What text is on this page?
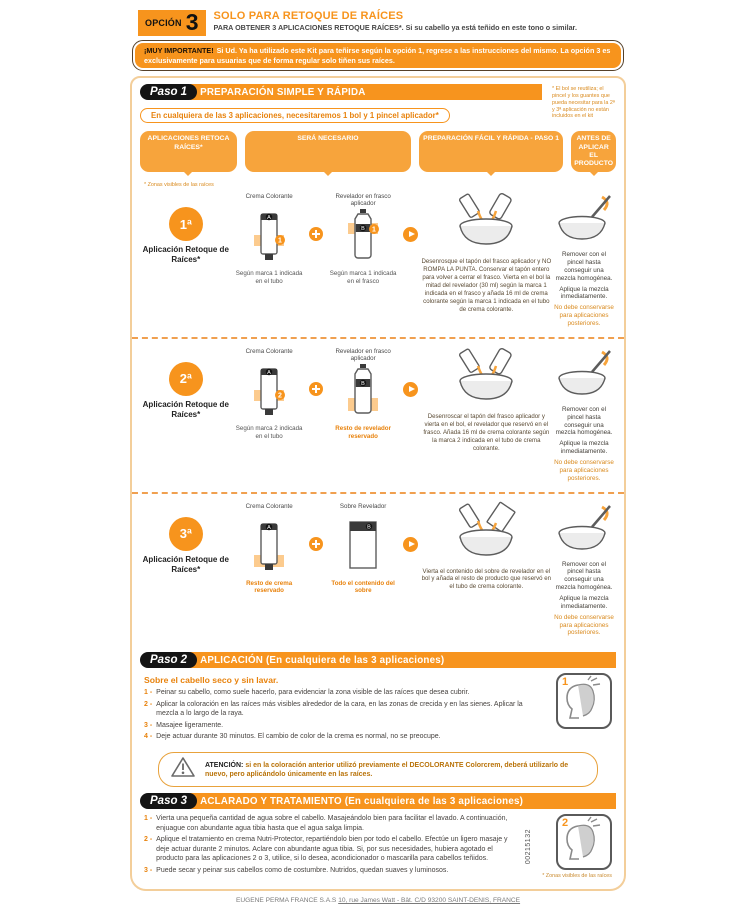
OPCIÓN 3 SOLO PARA RETOQUE DE RAÍCES
PARA OBTENER 3 APLICACIONES RETOQUE RAÍCES*. Si su cabello ya está teñido en este tono o similar.
¡MUY IMPORTANTE! Si Ud. Ya ha utilizado este Kit para teñirse según la opción 1, regrese a las instrucciones del mismo. La opción 3 es exclusivamente para usuarias que de forma regular solo tiñen sus raíces.
Paso 1	PREPARACIÓN SIMPLE Y RÁPIDA
En cualquiera de las 3 aplicaciones, necesitaremos 1 bol y 1 pincel aplicador*
* El bol se reutiliza; el pincel y los guantes que pueda necesitar para la 2ª y 3ª aplicación no están incluidos en el kit
APLICACIONES RETOCA RAÍCES*
SERÁ NECESARIO	PREPARACIÓN FÁCIL Y RÁPIDA - PASO 1	ANTES DE APLICAR EL PRODUCTO
* Zonas visibles de las raíces
1ª
Aplicación Retoque de Raíces*
Crema Colorante
A
1
Según marca 1 indicada en el tubo
Revelador en frasco aplicador
B 1
Según marca 1 indicada en el frasco
Desenrosque el tapón del frasco aplicador y NO ROMPA LA PUNTA. Conservar el tapón entero para volver a cerrar el frasco. Vierta en el bol la mitad del revelador (30 ml) según la marca 1 indicada en el frasco y añada 16 ml de crema colorante según la marca 1 indicada en el tubo de crema colorante.
Remover con el pincel hasta conseguir una mezcla homogénea.
Aplique la mezcla inmediatamente.
No debe conservarse para aplicaciones posteriores.
2ª
Aplicación Retoque de Raíces*
Crema Colorante
A
2
Según marca 2 indicada en el tubo
Revelador en frasco aplicador
B
Resto de revelador reservado
Desenroscar el tapón del frasco aplicador y vierta en el bol, el revelador que reservó en el frasco. Añada 16 ml de crema colorante según la marca 2 indicada en el tubo de crema colorante.
Remover con el pincel hasta conseguir una mezcla homogénea.
Aplique la mezcla inmediatamente.
No debe conservarse para aplicaciones posteriores.
3ª
Aplicación Retoque de Raíces*
Crema Colorante
A
Resto de crema reservado
Sobre Revelador
B
Todo el contenido del sobre
Vierta el contenido del sobre de revelador en el bol y añada el resto de producto que reservó en el tubo de crema colorante.
Remover con el pincel hasta conseguir una mezcla homogénea.
Aplique la mezcla inmediatamente.
No debe conservarse para aplicaciones posteriores.
Paso 2	APLICACIÓN (En cualquiera de las 3 aplicaciones)
Sobre el cabello seco y sin lavar.
1 - Peinar su cabello, como suele hacerlo, para evidenciar la zona visible de las raíces que desea cubrir.
2 - Aplicar la coloración en las raíces más visibles alrededor de la cara, en las zonas de crecida y en las sienes. Aplicar la mezcla a lo largo de la raya.
3 - Masajee ligeramente.
4 - Deje actuar durante 30 minutos. El cambio de color de la crema es normal, no se preocupe.
1
ATENCIÓN: si en la coloración anterior utilizó previamente el DECOLORANTE Colorcrem, deberá utilizarlo de nuevo, pero aplicándolo únicamente en las raíces.
Paso 3	ACLARADO Y TRATAMIENTO (En cualquiera de las 3 aplicaciones)
1 - Vierta una pequeña cantidad de agua sobre el cabello. Masajeándolo bien para facilitar el lavado. A continuación, enjuague con abundante agua tibia hasta que el agua salga limpia.
2 - Aplique el tratamiento en crema Nutri-Protector, repartiéndolo bien por todo el cabello. Efectúe un ligero masaje y deje actuar durante 2 minutos. Aclare con abundante agua tibia. Si, por sus necesidades, hubiera agotado el producto para las aplicaciones 2 o 3, utilice, si lo desea, acondicionador o mascarilla para cabellos teñidos.
3 - Puede secar y peinar sus cabellos como de costumbre. Nutridos, quedan suaves y luminosos.
00215132
2
* Zonas visibles de las raíces
EUGENE PERMA FRANCE S.A.S 10, rue James Watt - Bât. C/D 93200 SAINT-DENIS, FRANCE
